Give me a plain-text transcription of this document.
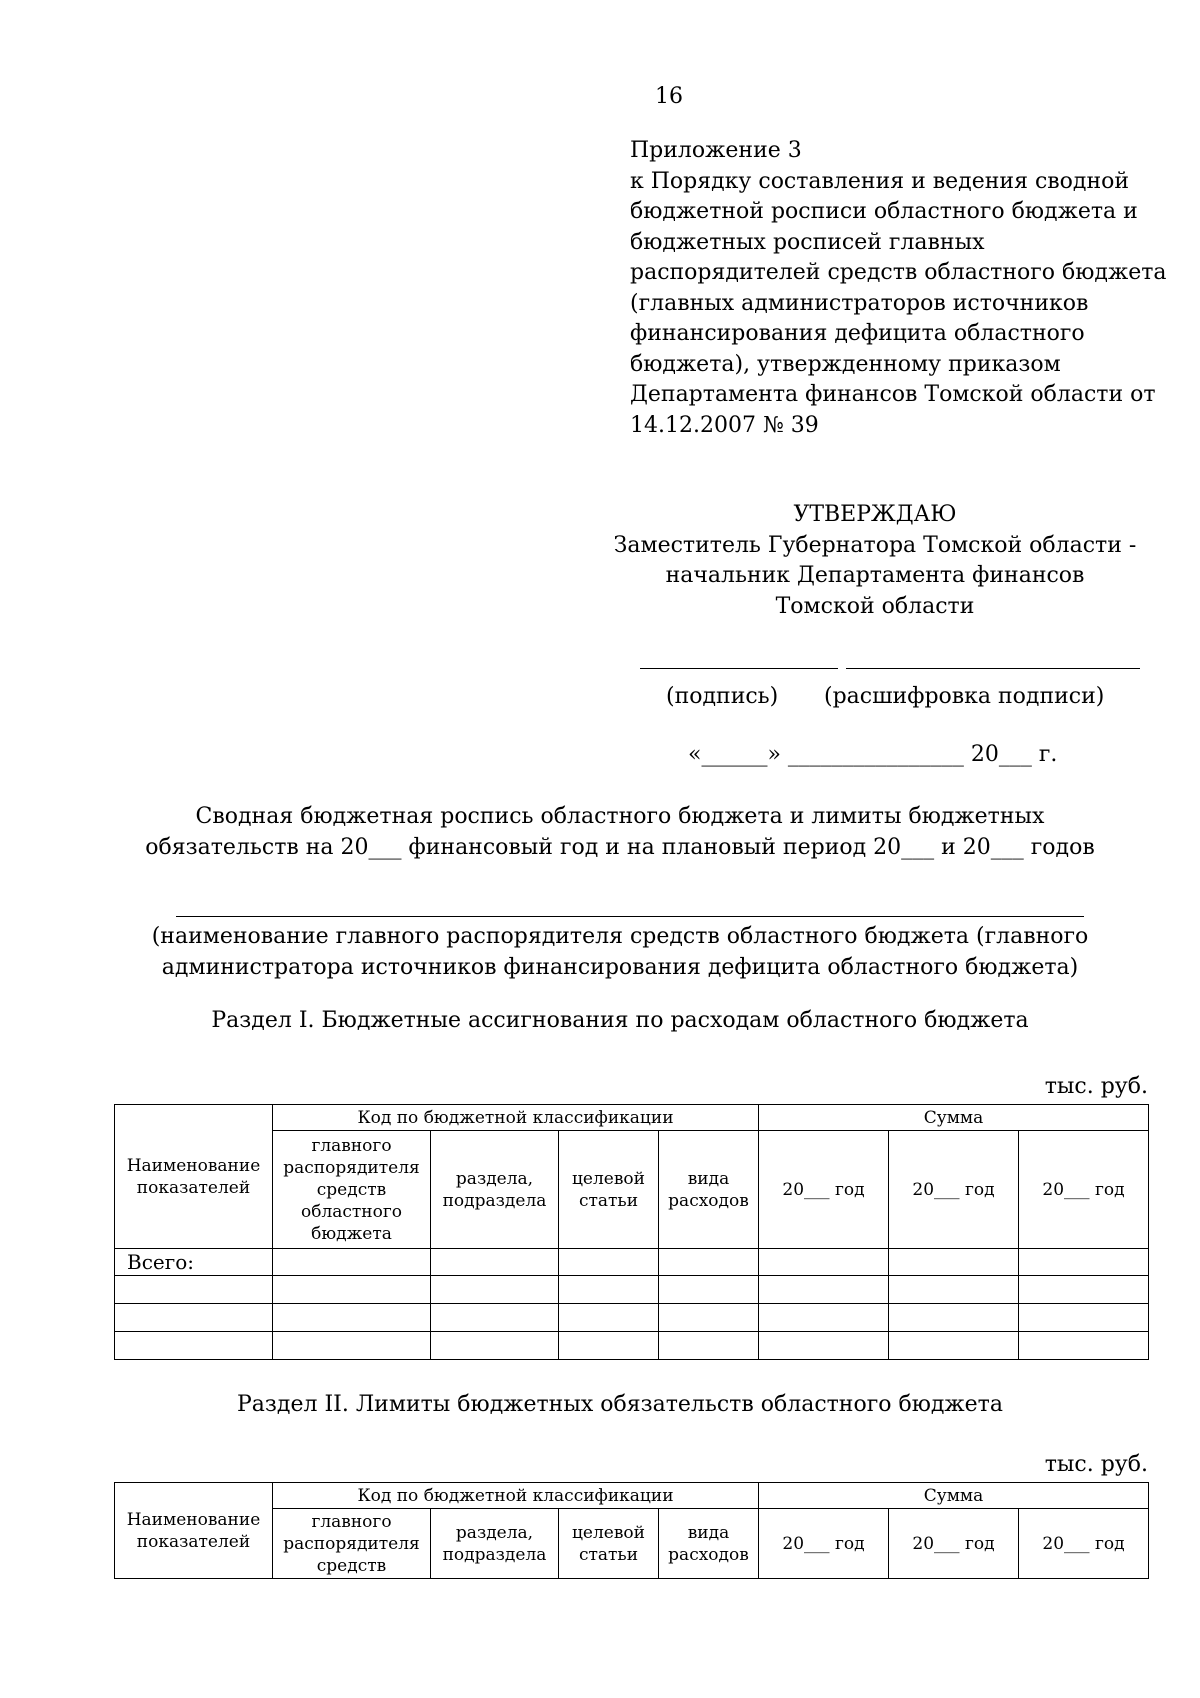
16
Приложение 3
к Порядку составления и ведения сводной
бюджетной росписи областного бюджета и
бюджетных росписей главных
распорядителей средств областного бюджета
(главных администраторов источников
финансирования дефицита областного
бюджета), утвержденному приказом
Департамента финансов Томской области от
14.12.2007 № 39
УТВЕРЖДАЮ
Заместитель Губернатора Томской области -
начальник Департамента финансов
Томской области
(подпись) (расшифровка подписи)
«______» ________________ 20___ г.
Сводная бюджетная роспись областного бюджета и лимиты бюджетных
обязательств на 20___ финансовый год и на плановый период 20___ и 20___ годов
(наименование главного распорядителя средств областного бюджета (главного
администратора источников финансирования дефицита областного бюджета)
Раздел I. Бюджетные ассигнования по расходам областного бюджета
тыс. руб.
Наименование показателей	Код по бюджетной классификации				Сумма		
	главного распорядителя средств областного бюджета	раздела, подраздела	целевой статьи	вида расходов	20___ год	20___ год	20___ год
Всего:							

Раздел II. Лимиты бюджетных обязательств областного бюджета
тыс. руб.
Наименование показателей	Код по бюджетной классификации				Сумма		
	главного распорядителя средств	раздела, подраздела	целевой статьи	вида расходов	20___ год	20___ год	20___ год
